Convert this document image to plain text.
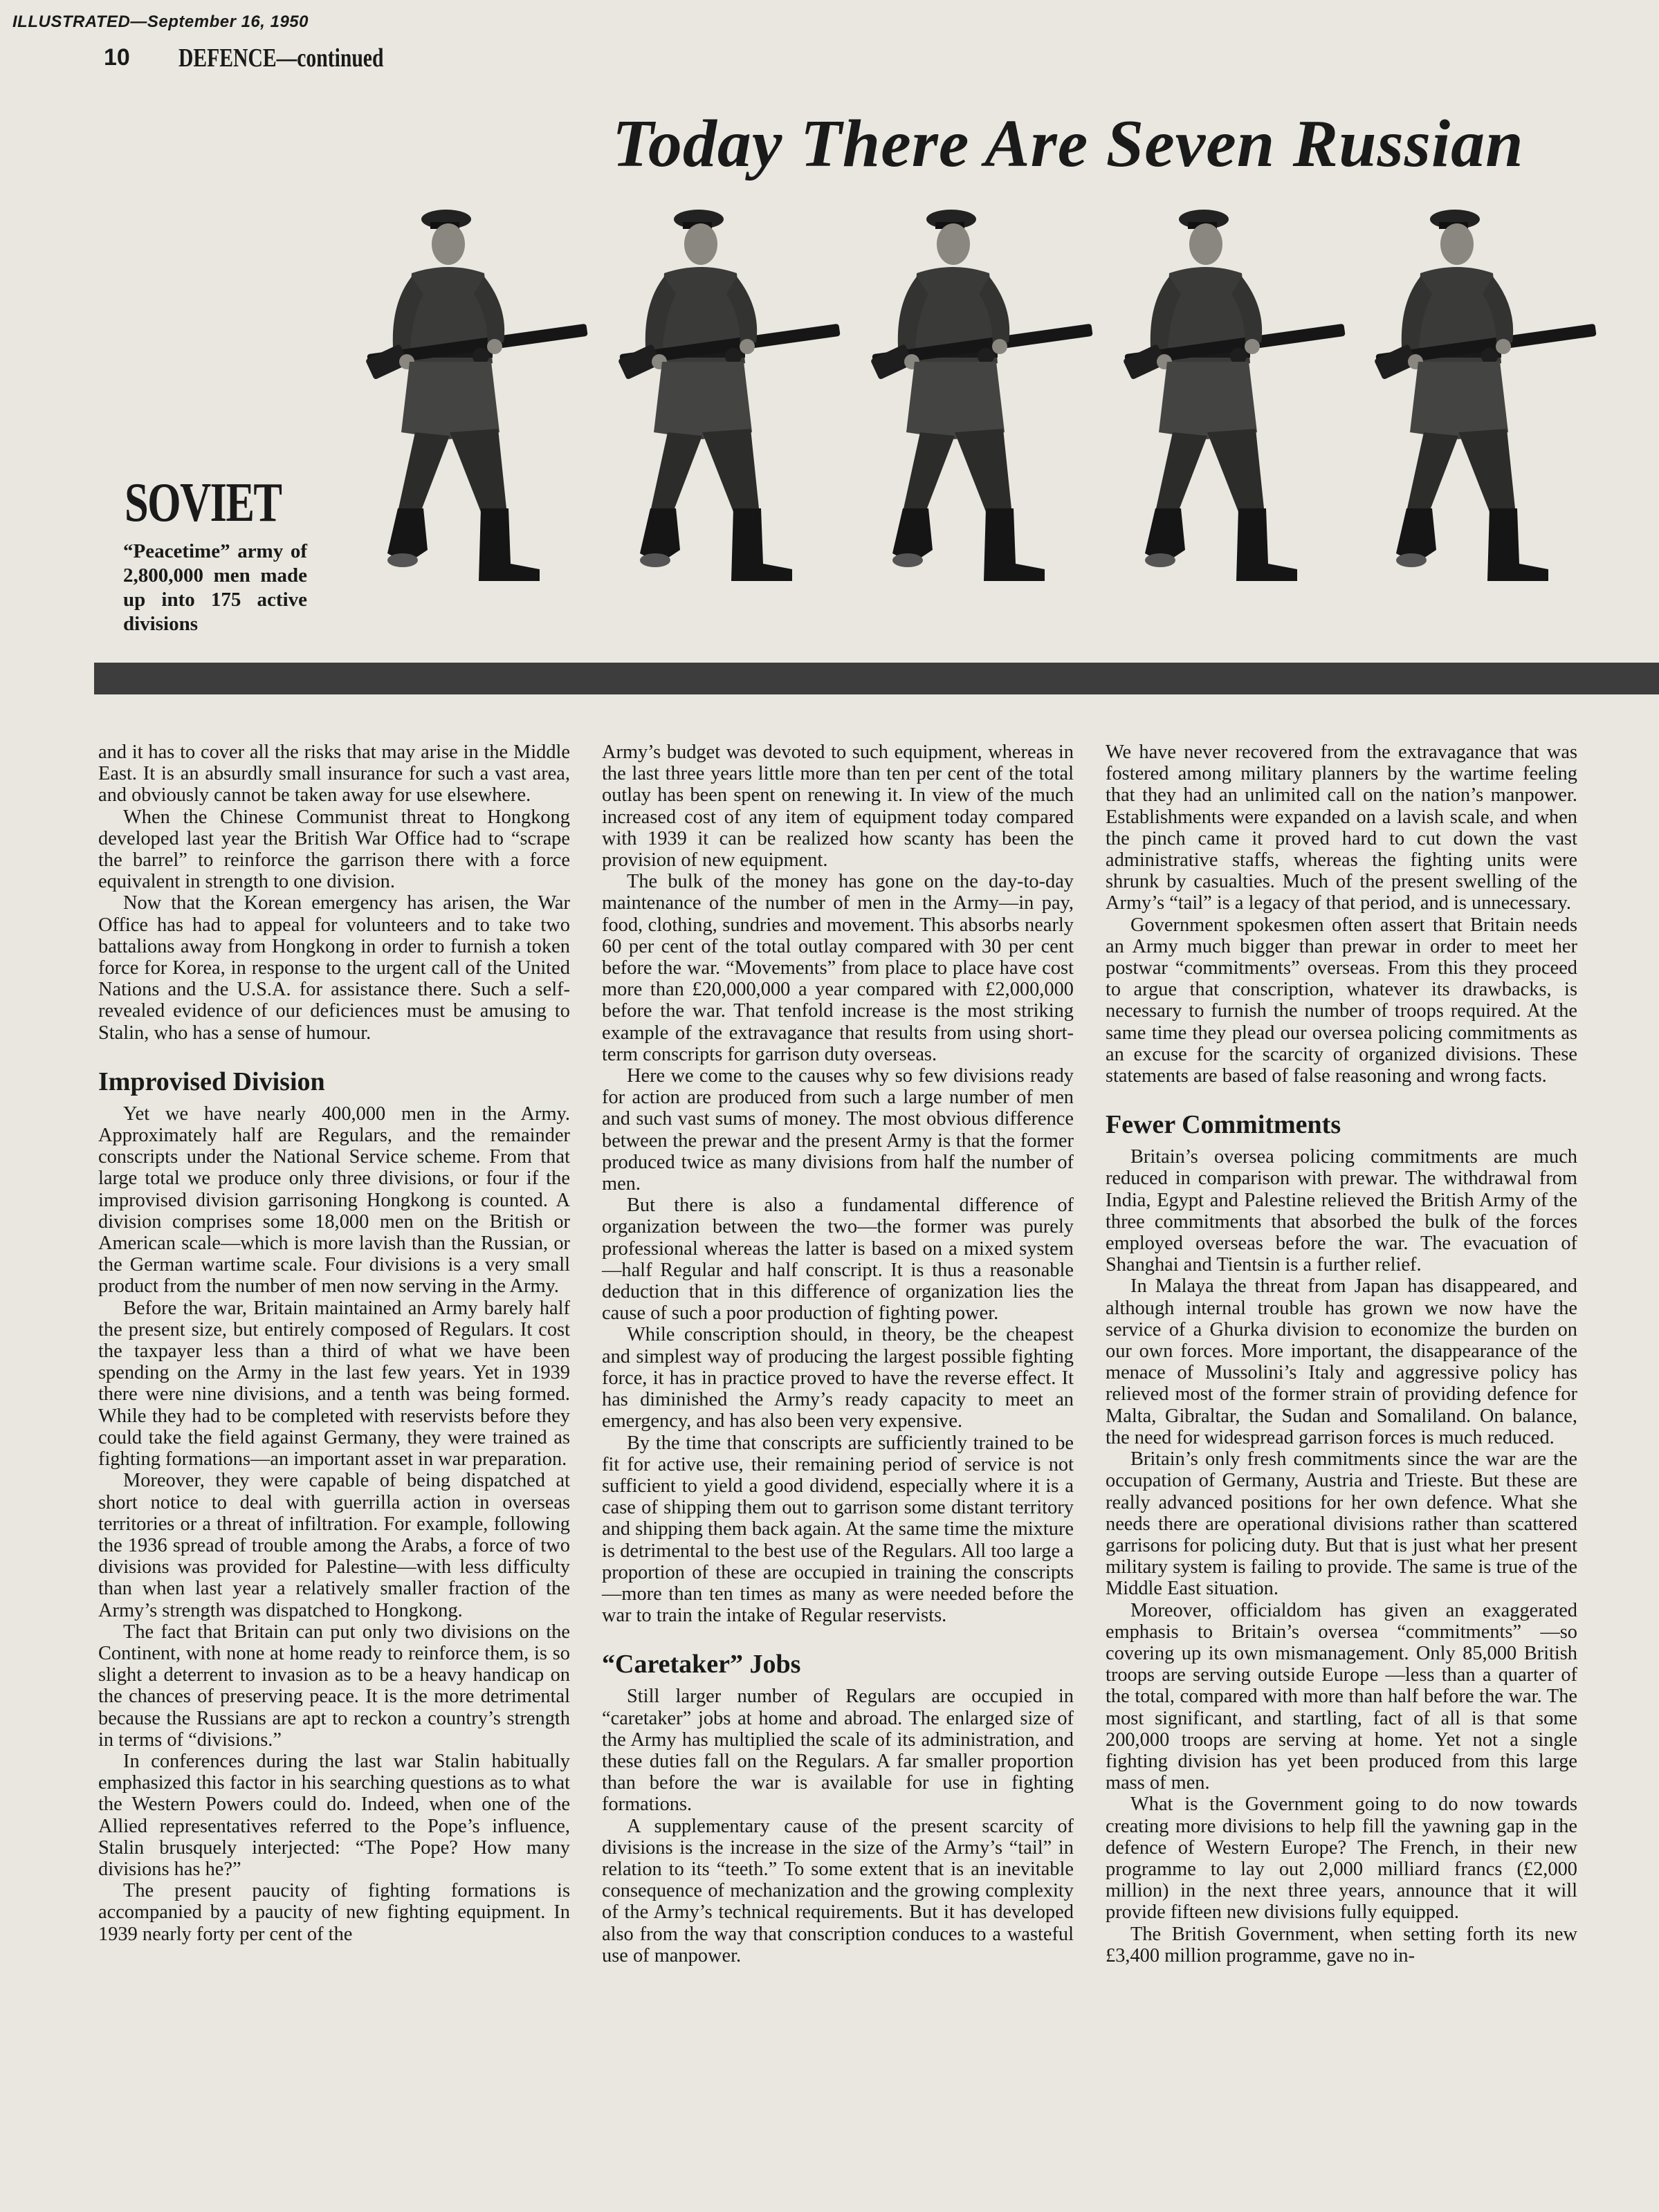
ILLUSTRATED—September 16, 1950
10 DEFENCE—continued
Today There Are Seven Russian
SOVIET
“Peacetime” army of 2,800,000 men made up into 175 active divisions

and it has to cover all the risks that may arise in the Middle East. It is an absurdly small insurance for such a vast area, and obviously cannot be taken away for use elsewhere.

When the Chinese Communist threat to Hongkong developed last year the British War Office had to “scrape the barrel” to reinforce the garrison there with a force equivalent in strength to one division.

Now that the Korean emergency has arisen, the War Office has had to appeal for volunteers and to take two battalions away from Hongkong in order to furnish a token force for Korea, in response to the urgent call of the United Nations and the U.S.A. for assistance there. Such a self-revealed evidence of our deficiences must be amusing to Stalin, who has a sense of humour.

Improvised Division

Yet we have nearly 400,000 men in the Army. Approximately half are Regulars, and the remainder conscripts under the National Service scheme. From that large total we produce only three divisions, or four if the improvised division garrisoning Hongkong is counted. A division comprises some 18,000 men on the British or American scale—which is more lavish than the Russian, or the German wartime scale. Four divisions is a very small product from the number of men now serving in the Army.

Before the war, Britain maintained an Army barely half the present size, but entirely composed of Regulars. It cost the taxpayer less than a third of what we have been spending on the Army in the last few years. Yet in 1939 there were nine divisions, and a tenth was being formed. While they had to be completed with reservists before they could take the field against Germany, they were trained as fighting formations—an important asset in war preparation.

Moreover, they were capable of being dispatched at short notice to deal with guerrilla action in overseas territories or a threat of infiltration. For example, following the 1936 spread of trouble among the Arabs, a force of two divisions was provided for Palestine—with less difficulty than when last year a relatively smaller fraction of the Army’s strength was dispatched to Hongkong.

The fact that Britain can put only two divisions on the Continent, with none at home ready to reinforce them, is so slight a deterrent to invasion as to be a heavy handicap on the chances of preserving peace. It is the more detrimental because the Russians are apt to reckon a country’s strength in terms of “divisions.”

In conferences during the last war Stalin habitually emphasized this factor in his searching questions as to what the Western Powers could do. Indeed, when one of the Allied representatives referred to the Pope’s influence, Stalin brusquely interjected: “The Pope? How many divisions has he?”

The present paucity of fighting formations is accompanied by a paucity of new fighting equipment. In 1939 nearly forty per cent of the

Army’s budget was devoted to such equipment, whereas in the last three years little more than ten per cent of the total outlay has been spent on renewing it. In view of the much increased cost of any item of equipment today compared with 1939 it can be realized how scanty has been the provision of new equipment.

The bulk of the money has gone on the day-to-day maintenance of the number of men in the Army—in pay, food, clothing, sundries and movement. This absorbs nearly 60 per cent of the total outlay compared with 30 per cent before the war. “Movements” from place to place have cost more than £20,000,000 a year compared with £2,000,000 before the war. That tenfold increase is the most striking example of the extravagance that results from using short-term conscripts for garrison duty overseas.

Here we come to the causes why so few divisions ready for action are produced from such a large number of men and such vast sums of money. The most obvious difference between the prewar and the present Army is that the former produced twice as many divisions from half the number of men.

But there is also a fundamental difference of organization between the two—the former was purely professional whereas the latter is based on a mixed system—half Regular and half conscript. It is thus a reasonable deduction that in this difference of organization lies the cause of such a poor production of fighting power.

While conscription should, in theory, be the cheapest and simplest way of producing the largest possible fighting force, it has in practice proved to have the reverse effect. It has diminished the Army’s ready capacity to meet an emergency, and has also been very expensive.

By the time that conscripts are sufficiently trained to be fit for active use, their remaining period of service is not sufficient to yield a good dividend, especially where it is a case of shipping them out to garrison some distant territory and shipping them back again. At the same time the mixture is detrimental to the best use of the Regulars. All too large a proportion of these are occupied in training the conscripts—more than ten times as many as were needed before the war to train the intake of Regular reservists.

“Caretaker” Jobs

Still larger number of Regulars are occupied in “caretaker” jobs at home and abroad. The enlarged size of the Army has multiplied the scale of its administration, and these duties fall on the Regulars. A far smaller proportion than before the war is available for use in fighting formations.

A supplementary cause of the present scarcity of divisions is the increase in the size of the Army’s “tail” in relation to its “teeth.” To some extent that is an inevitable consequence of mechanization and the growing complexity of the Army’s technical requirements. But it has developed also from the way that conscription conduces to a wasteful use of manpower.

We have never recovered from the extravagance that was fostered among military planners by the wartime feeling that they had an unlimited call on the nation’s manpower. Establishments were expanded on a lavish scale, and when the pinch came it proved hard to cut down the vast administrative staffs, whereas the fighting units were shrunk by casualties. Much of the present swelling of the Army’s “tail” is a legacy of that period, and is unnecessary.

Government spokesmen often assert that Britain needs an Army much bigger than prewar in order to meet her postwar “commitments” overseas. From this they proceed to argue that conscription, whatever its drawbacks, is necessary to furnish the number of troops required. At the same time they plead our oversea policing commitments as an excuse for the scarcity of organized divisions. These statements are based of false reasoning and wrong facts.

Fewer Commitments

Britain’s oversea policing commitments are much reduced in comparison with prewar. The withdrawal from India, Egypt and Palestine relieved the British Army of the three commitments that absorbed the bulk of the forces employed overseas before the war. The evacuation of Shanghai and Tientsin is a further relief.

In Malaya the threat from Japan has disappeared, and although internal trouble has grown we now have the service of a Ghurka division to economize the burden on our own forces. More important, the disappearance of the menace of Mussolini’s Italy and aggressive policy has relieved most of the former strain of providing defence for Malta, Gibraltar, the Sudan and Somaliland. On balance, the need for widespread garrison forces is much reduced.

Britain’s only fresh commitments since the war are the occupation of Germany, Austria and Trieste. But these are really advanced positions for her own defence. What she needs there are operational divisions rather than scattered garrisons for policing duty. But that is just what her present military system is failing to provide. The same is true of the Middle East situation.

Moreover, officialdom has given an exaggerated emphasis to Britain’s oversea “commitments” —so covering up its own mismanagement. Only 85,000 British troops are serving outside Europe —less than a quarter of the total, compared with more than half before the war. The most significant, and startling, fact of all is that some 200,000 troops are serving at home. Yet not a single fighting division has yet been produced from this large mass of men.

What is the Government going to do now towards creating more divisions to help fill the yawning gap in the defence of Western Europe? The French, in their new programme to lay out 2,000 milliard francs (£2,000 million) in the next three years, announce that it will provide fifteen new divisions fully equipped.

The British Government, when setting forth its new £3,400 million programme, gave no in-
